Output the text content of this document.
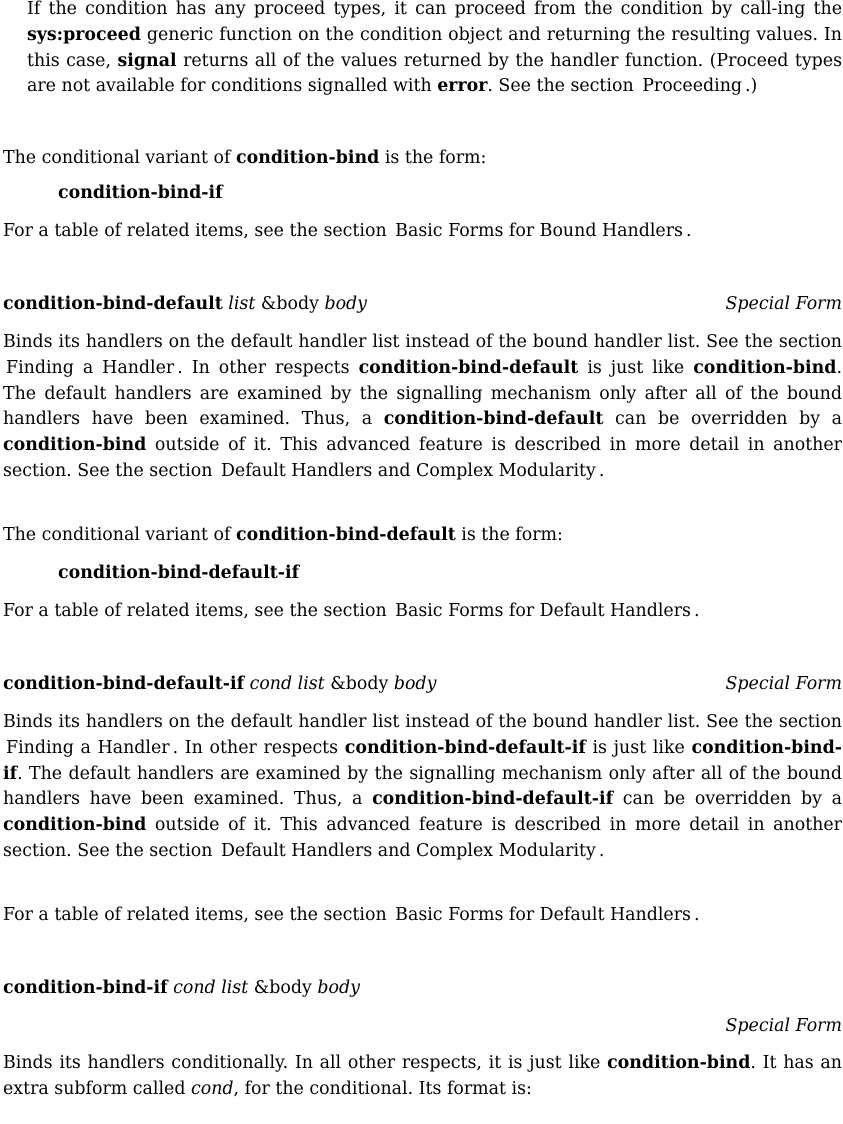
If the condition has any proceed types, it can proceed from the condition by call-ing the sys:proceed generic function on the condition object and returning the resulting values. In this case, signal returns all of the values returned by the handler function. (Proceed types are not available for conditions signalled with error. See the section Proceeding .)

The conditional variant of condition-bind is the form:

condition-bind-if

For a table of related items, see the section Basic Forms for Bound Handlers .

condition-bind-default list &body body	Special Form

Binds its handlers on the default handler list instead of the bound handler list. See the section Finding a Handler . In other respects condition-bind-default is just like condition-bind. The default handlers are examined by the signalling mechanism only after all of the bound handlers have been examined. Thus, a condition-bind-default can be overridden by a condition-bind outside of it. This advanced feature is described in more detail in another section. See the section Default Handlers and Complex Modularity .

The conditional variant of condition-bind-default is the form:

condition-bind-default-if

For a table of related items, see the section Basic Forms for Default Handlers .

condition-bind-default-if cond list &body body	Special Form

Binds its handlers on the default handler list instead of the bound handler list. See the section Finding a Handler . In other respects condition-bind-default-if is just like condition-bind-if. The default handlers are examined by the signalling mechanism only after all of the bound handlers have been examined. Thus, a condition-bind-default-if can be overridden by a condition-bind outside of it. This advanced feature is described in more detail in another section. See the section Default Handlers and Complex Modularity .

For a table of related items, see the section Basic Forms for Default Handlers .

condition-bind-if cond list &body body
Special Form

Binds its handlers conditionally. In all other respects, it is just like condition-bind. It has an extra subform called cond, for the conditional. Its format is:
